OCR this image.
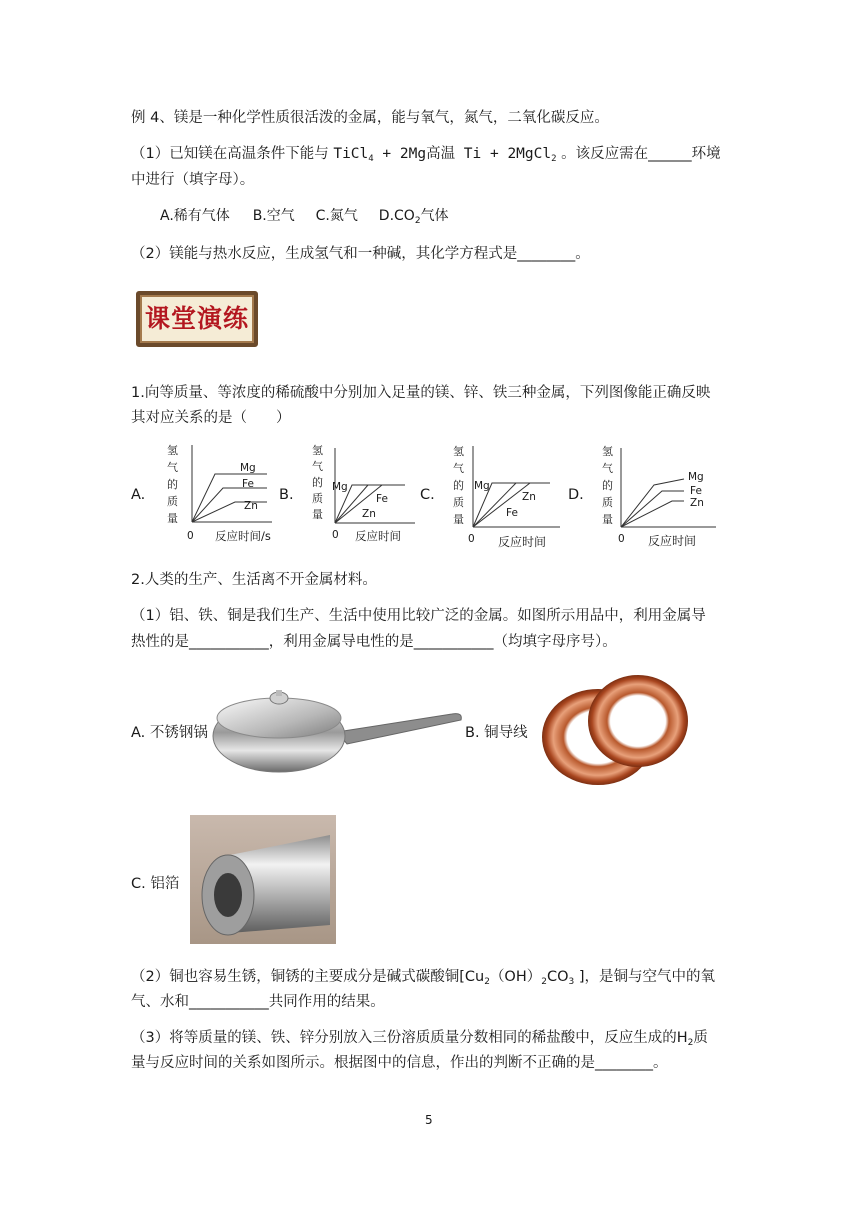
例 4、镁是一种化学性质很活泼的金属，能与氧气，氮气，二氧化碳反应。
（1）已知镁在高温条件下能与 TiCl$_4$ + 2Mg高温 Ti + 2MgCl$_2$ 。该反应需在______环境
中进行（填字母）。
A.稀有气体 B.空气 C.氮气 $D.CO_2$气体
（2）镁能与热水反应，生成氢气和一种碱，其化学方程式是________。
课堂演练
1.向等质量、等浓度的稀硫酸中分别加入足量的镁、锌、铁三种金属，下列图像能正确反映
其对应关系的是（　　）
A.
氢
气
的
质
量
Mg
Fe
Zn
0 反应时间/s
B.
氢
气
的
质
量
Mg
Fe
Zn
0 反应时间
C.
氢
气
的
质
量
Mg
Zn
Fe
0 反应时间
D.
氢
气
的
质
量
Mg
Fe
Zn
0 反应时间
2.人类的生产、生活离不开金属材料。
（1）铝、铁、铜是我们生产、生活中使用比较广泛的金属。如图所示用品中，利用金属导
热性的是___________，利用金属导电性的是___________（均填字母序号）。
A. 不锈钢锅	B. 铜导线
C. 铝箔
（2）铜也容易生锈，铜锈的主要成分是碱式碳酸铜[$Cu_2(OH)_2CO_3$ ]，是铜与空气中的氧
气、水和___________共同作用的结果。
（3）将等质量的镁、铁、锌分别放入三份溶质质量分数相同的稀盐酸中，反应生成的$H_2$质
量与反应时间的关系如图所示。根据图中的信息，作出的判断不正确的是________。
5
